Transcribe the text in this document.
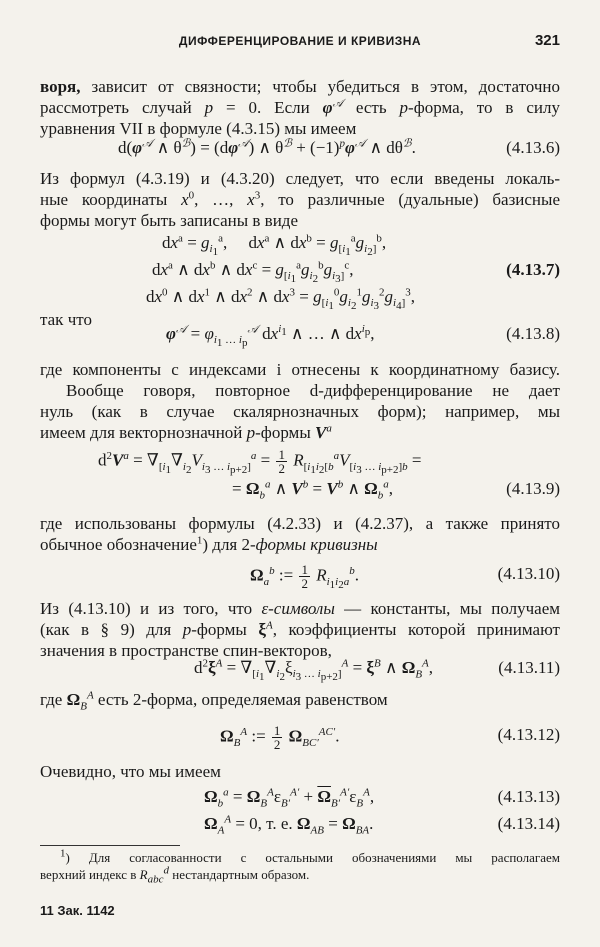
ДИФФЕРЕНЦИРОВАНИЕ И КРИВИЗНА	321
воря, зависит от связности; чтобы убедиться в этом, достаточно
рассмотреть случай p = 0. Если $\varphi^𝒜$ есть p-форма, то в силу
уравнения VII в формуле (4.3.15) мы имеем
$d(\varphi^𝒜$ ∧ $\theta^ℬ) = (d\varphi^𝒜)$ ∧ $\theta^ℬ + (-1)^p\varphi^𝒜$ ∧ $d\theta^ℬ$.	(4.13.6)
Из формул (4.3.19) и (4.3.20) следует, что если введены локаль-
ные координаты $x^0$, …, $x^3$, то различные (дуальные) базисные
формы могут быть записаны в виде
$dx^a = g_{i_1}^a$,     $dx^a$ ∧ $dx^b = g_{[i_1}^ag_{i_2]}^b$,
$dx^a$ ∧ $dx^b$ ∧ $dx^c = g_{[i_1}^ag_{i_2}^bg_{i_3]}^c$,	(4.13.7)
$dx^0$ ∧ $dx^1$ ∧ $dx^2$ ∧ $dx^3 = g_{[i_1}^0g_{i_2}^1g_{i_3}^2g_{i_4]}^3$,
так что
$\varphi^𝒜 = \varphi_{i_1 \dots i_p}^𝒜$ $dx^{i_1}$ ∧ … ∧ $dx^{i_p}$,	(4.13.8)
где компоненты с индексами i отнесены к координатному базису.
Вообще говоря, повторное d-дифференцирование не дает
нуль (как в случае скалярнозначных форм); например, мы
имеем для векторнозначной p-формы $V^a$
$d^2V^a = \nabla_{[i_1}\nabla_{i_2}V_{i_3 \dots i_{p+2}]}^a = \frac{1}{2} R_{[i_1i_2[b}^aV_{[i_3 \dots i_{p+2}]b}$ =
= $\Omega_b^a$ ∧ $V^b = V^b$ ∧ $\Omega_b^a$,	(4.13.9)
где использованы формулы (4.2.33) и (4.2.37), а также принято
обычное обозначение$^1$) для 2-формы кривизны
$\Omega_a^b$ := $\frac{1}{2} R_{i_1i_2a}^b$.	(4.13.10)
Из (4.13.10) и из того, что ε-символы — константы, мы получаем
(как в § 9) для p-формы $\xi^A$, коэффициенты которой принимают
значения в пространстве спин-векторов,
$d^2\xi^A = \nabla_{[i_1}\nabla_{i_2}\xi_{i_3 \dots i_{p+2}]}^A = \xi^B$ ∧ $\Omega_B^A$,	(4.13.11)
где $\Omega_B^A$ есть 2-форма, определяемая равенством
$\Omega_B^A$ := $\frac{1}{2} \Omega_{BC'}^{AC'}$.	(4.13.12)
Очевидно, что мы имеем
$\Omega_b^a = \Omega_B^A\varepsilon_{B'}^{A'} + \overline{\Omega}_{B'}^{A'}\varepsilon_B^A$,	(4.13.13)
$\Omega_A^A = 0$, т. е. $\Omega_{AB} = \Omega_{BA}$.	(4.13.14)
$^1$) Для согласованности с остальными обозначениями мы располагаем
верхний индекс в $R_{abc}^d$ нестандартным образом.
11 Зак. 1142
